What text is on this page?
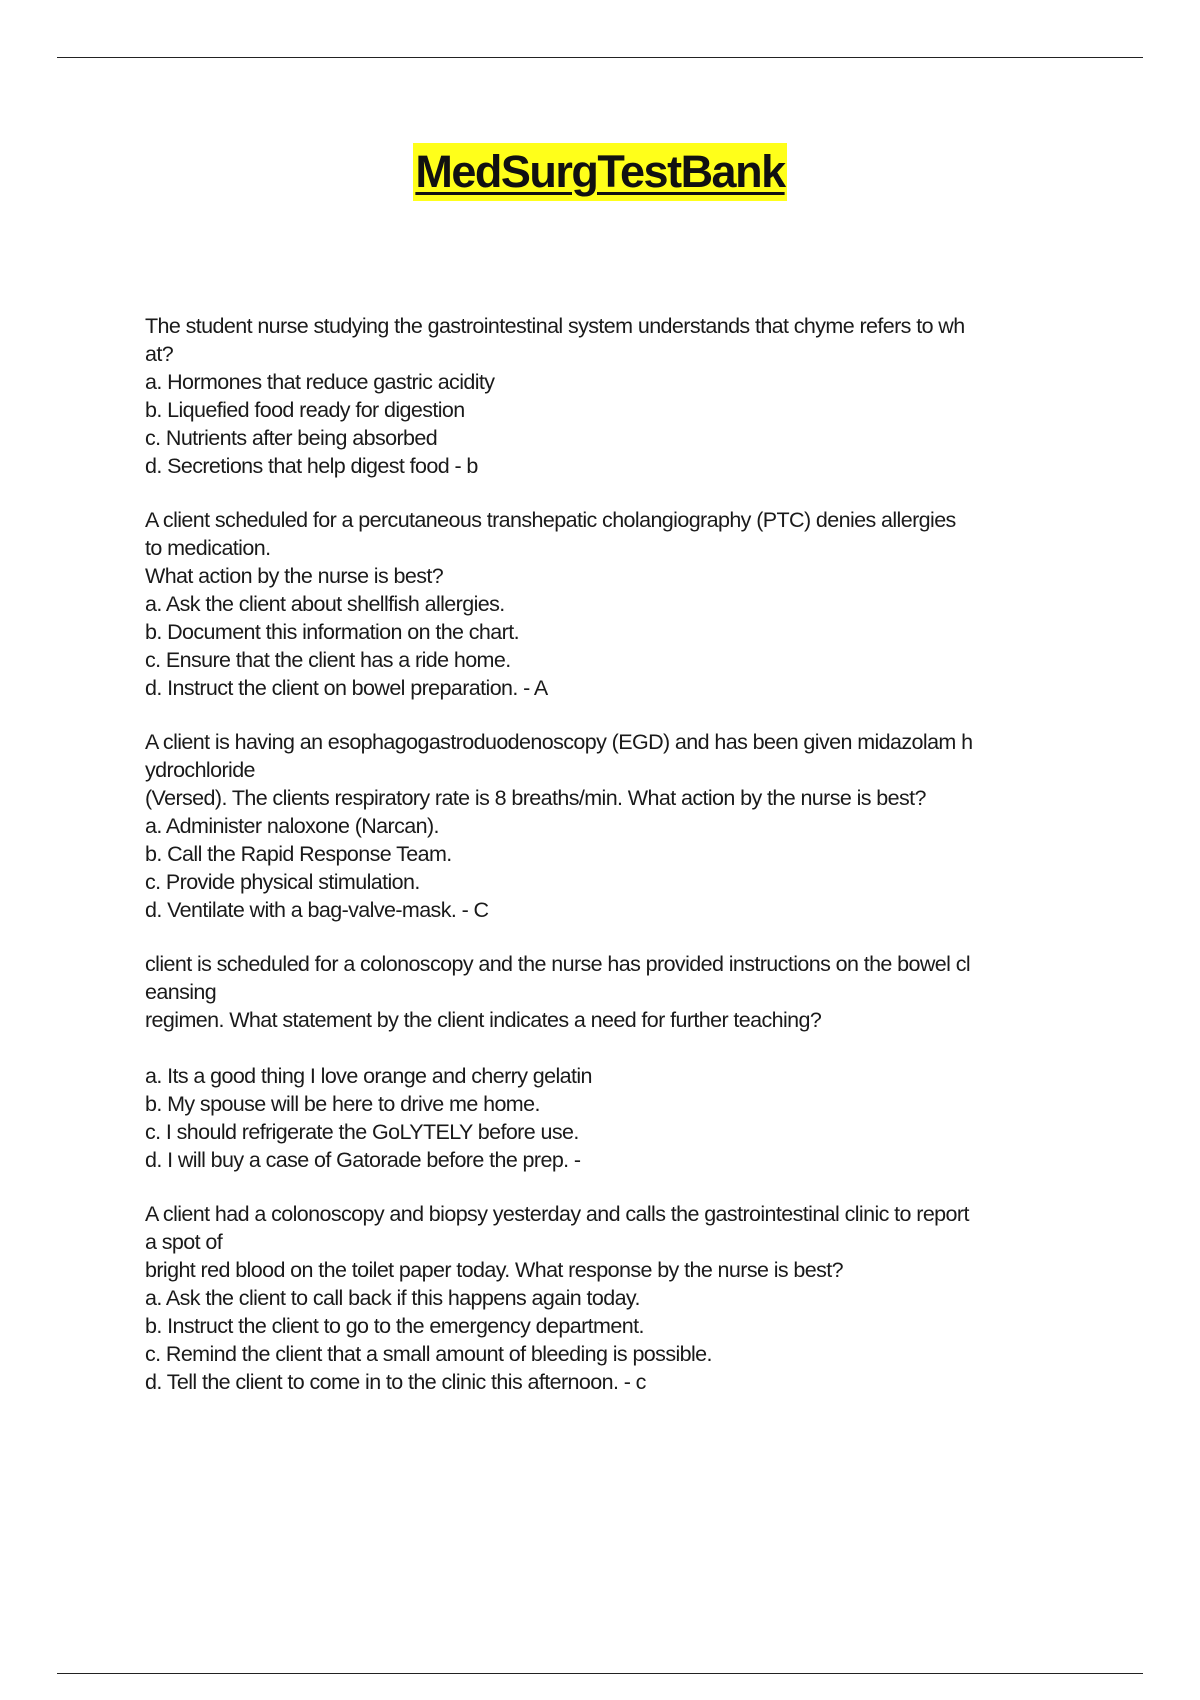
MedSurgTestBank
The student nurse studying the gastrointestinal system understands that chyme refers to wh
at?
a. Hormones that reduce gastric acidity
b. Liquefied food ready for digestion
c. Nutrients after being absorbed
d. Secretions that help digest food - b
A client scheduled for a percutaneous transhepatic cholangiography (PTC) denies allergies
to medication.
What action by the nurse is best?
a. Ask the client about shellfish allergies.
b. Document this information on the chart.
c. Ensure that the client has a ride home.
d. Instruct the client on bowel preparation. - A
A client is having an esophagogastroduodenoscopy (EGD) and has been given midazolam h
ydrochloride
(Versed). The clients respiratory rate is 8 breaths/min. What action by the nurse is best?
a. Administer naloxone (Narcan).
b. Call the Rapid Response Team.
c. Provide physical stimulation.
d. Ventilate with a bag-valve-mask. - C
client is scheduled for a colonoscopy and the nurse has provided instructions on the bowel cl
eansing
regimen. What statement by the client indicates a need for further teaching?
a. Its a good thing I love orange and cherry gelatin
b. My spouse will be here to drive me home.
c. I should refrigerate the GoLYTELY before use.
d. I will buy a case of Gatorade before the prep. -
A client had a colonoscopy and biopsy yesterday and calls the gastrointestinal clinic to report
a spot of
bright red blood on the toilet paper today. What response by the nurse is best?
a. Ask the client to call back if this happens again today.
b. Instruct the client to go to the emergency department.
c. Remind the client that a small amount of bleeding is possible.
d. Tell the client to come in to the clinic this afternoon. - c
